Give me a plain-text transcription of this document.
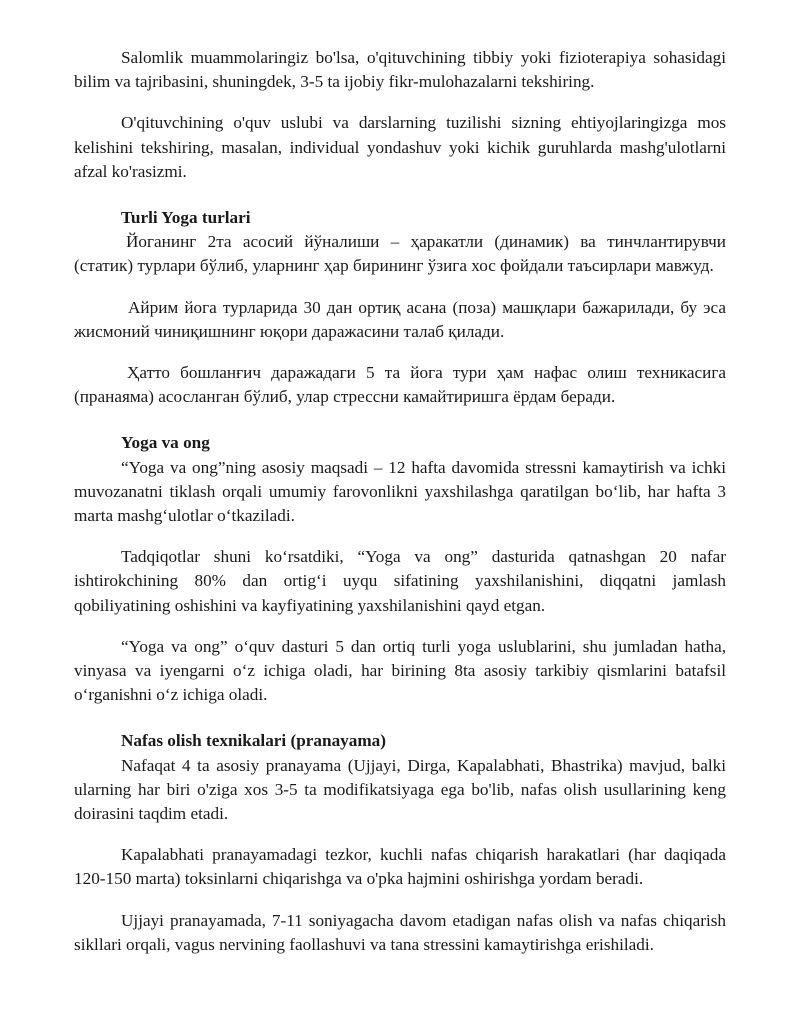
Salomlik muammolaringiz bo'lsa, o'qituvchining tibbiy yoki fizioterapiya sohasidagi bilim va tajribasini, shuningdek, 3-5 ta ijobiy fikr-mulohazalarni tekshiring.

O'qituvchining o'quv uslubi va darslarning tuzilishi sizning ehtiyojlaringizga mos kelishini tekshiring, masalan, individual yondashuv yoki kichik guruhlarda mashg'ulotlarni afzal ko'rasizmi.

Turli Yoga turlari

Йоганинг 2та асосий йўналиши – ҳаракатли (динамик) ва тинчлантирувчи (статик) турлари бўлиб, уларнинг ҳар бирининг ўзига хос фойдали таъсирлари мавжуд.

Айрим йога турларида 30 дан ортиқ асана (поза) машқлари бажарилади, бу эса жисмоний чиниқишнинг юқори даражасини талаб қилади.

Ҳатто бошланғич даражадаги 5 та йога тури ҳам нафас олиш техникасига (пранаяма) асосланган бўлиб, улар стрессни камайтиришга ёрдам беради.

Yoga va ong

“Yoga va ong”ning asosiy maqsadi – 12 hafta davomida stressni kamaytirish va ichki muvozanatni tiklash orqali umumiy farovonlikni yaxshilashga qaratilgan bo‘lib, har hafta 3 marta mashg‘ulotlar o‘tkaziladi.

Tadqiqotlar shuni ko‘rsatdiki, “Yoga va ong” dasturida qatnashgan 20 nafar ishtirokchining 80% dan ortig‘i uyqu sifatining yaxshilanishini, diqqatni jamlash qobiliyatining oshishini va kayfiyatining yaxshilanishini qayd etgan.

“Yoga va ong” o‘quv dasturi 5 dan ortiq turli yoga uslublarini, shu jumladan hatha, vinyasa va iyengarni o‘z ichiga oladi, har birining 8ta asosiy tarkibiy qismlarini batafsil o‘rganishni o‘z ichiga oladi.

Nafas olish texnikalari (pranayama)

Nafaqat 4 ta asosiy pranayama (Ujjayi, Dirga, Kapalabhati, Bhastrika) mavjud, balki ularning har biri o'ziga xos 3-5 ta modifikatsiyaga ega bo'lib, nafas olish usullarining keng doirasini taqdim etadi.

Kapalabhati pranayamadagi tezkor, kuchli nafas chiqarish harakatlari (har daqiqada 120-150 marta) toksinlarni chiqarishga va o'pka hajmini oshirishga yordam beradi.

Ujjayi pranayamada, 7-11 soniyagacha davom etadigan nafas olish va nafas chiqarish sikllari orqali, vagus nervining faollashuvi va tana stressini kamaytirishga erishiladi.
